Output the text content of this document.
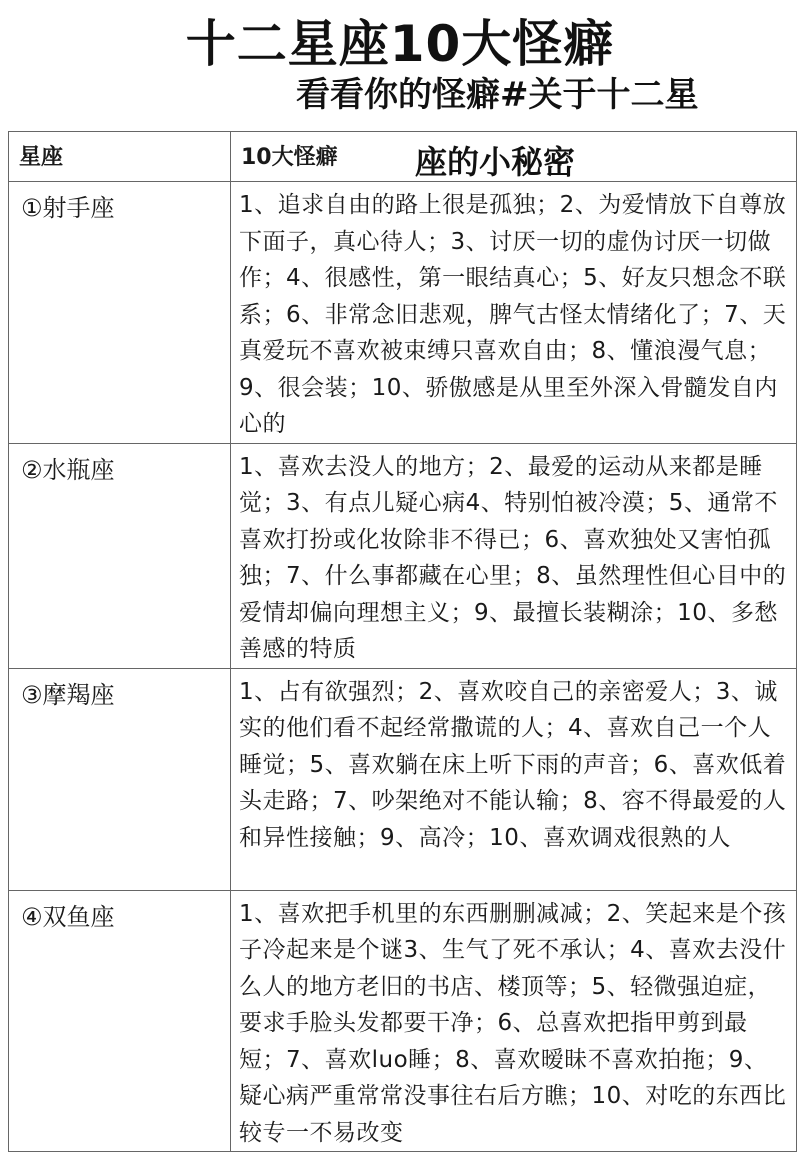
十二星座10大怪癖
星座	10大怪癖
①射手座	1、追求自由的路上很是孤独；2、为爱情放下自尊放下面子，真心待人；3、讨厌一切的虚伪讨厌一切做作；4、很感性，第一眼结真心；5、好友只想念不联系；6、非常念旧悲观，脾气古怪太情绪化了；7、天真爱玩不喜欢被束缚只喜欢自由；8、懂浪漫气息；9、很会装；10、骄傲感是从里至外深入骨髓发自内心的
②水瓶座	1、喜欢去没人的地方；2、最爱的运动从来都是睡觉；3、有点儿疑心病4、特别怕被冷漠；5、通常不喜欢打扮或化妆除非不得已；6、喜欢独处又害怕孤独；7、什么事都藏在心里；8、虽然理性但心目中的爱情却偏向理想主义；9、最擅长装糊涂；10、多愁善感的特质
③摩羯座	1、占有欲强烈；2、喜欢咬自己的亲密爱人；3、诚实的他们看不起经常撒谎的人；4、喜欢自己一个人睡觉；5、喜欢躺在床上听下雨的声音；6、喜欢低着头走路；7、吵架绝对不能认输；8、容不得最爱的人和异性接触；9、高冷；10、喜欢调戏很熟的人
④双鱼座	1、喜欢把手机里的东西删删减减；2、笑起来是个孩子冷起来是个谜3、生气了死不承认；4、喜欢去没什么人的地方老旧的书店、楼顶等；5、轻微强迫症，要求手脸头发都要干净；6、总喜欢把指甲剪到最短；7、喜欢luo睡；8、喜欢暧昧不喜欢拍拖；9、疑心病严重常常没事往右后方瞧；10、对吃的东西比较专一不易改变
看看你的怪癖#关于十二星
座的小秘密
